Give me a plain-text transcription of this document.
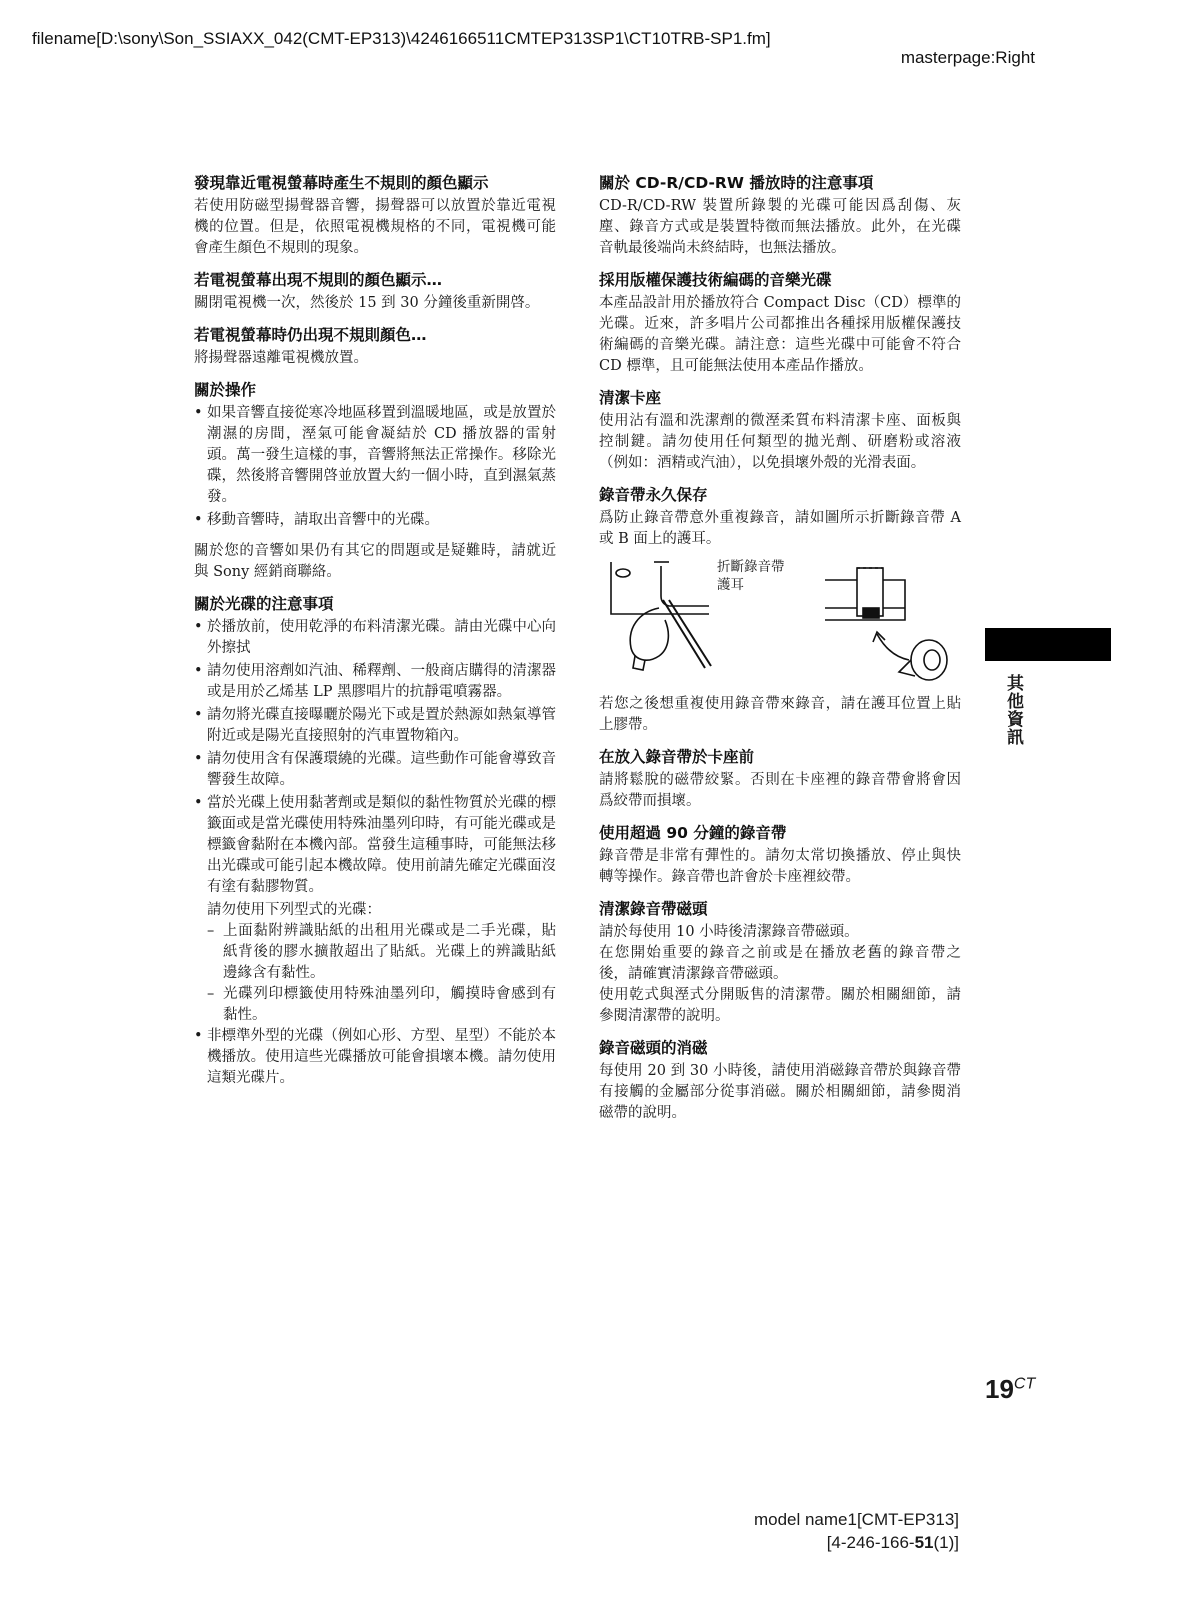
filename[D:\sony\Son_SSIAXX_042(CMT-EP313)\4246166511CMTEP313SP1\CT10TRB-SP1.fm]
masterpage:Right
發現靠近電視螢幕時產生不規則的顏色顯示

若使用防磁型揚聲器音響，揚聲器可以放置於靠近電視機的位置。但是，依照電視機規格的不同，電視機可能會產生顏色不規則的現象。

若電視螢幕出現不規則的顏色顯示…

關閉電視機一次，然後於 15 到 30 分鐘後重新開啓。

若電視螢幕時仍出現不規則顏色…

將揚聲器遠離電視機放置。

關於操作

• 如果音響直接從寒冷地區移置到溫暖地區，或是放置於潮濕的房間，溼氣可能會凝結於 CD 播放器的雷射頭。萬一發生這樣的事，音響將無法正常操作。移除光碟，然後將音響開啓並放置大約一個小時，直到濕氣蒸發。

• 移動音響時，請取出音響中的光碟。

關於您的音響如果仍有其它的問題或是疑難時，請就近與 Sony 經銷商聯絡。

關於光碟的注意事項

• 於播放前，使用乾淨的布料清潔光碟。請由光碟中心向外擦拭

• 請勿使用溶劑如汽油、稀釋劑、一般商店購得的清潔器或是用於乙烯基 LP 黑膠唱片的抗靜電噴霧器。

• 請勿將光碟直接曝曬於陽光下或是置於熱源如熱氣導管附近或是陽光直接照射的汽車置物箱內。

• 請勿使用含有保護環繞的光碟。這些動作可能會導致音響發生故障。

• 當於光碟上使用黏著劑或是類似的黏性物質於光碟的標籤面或是當光碟使用特殊油墨列印時，有可能光碟或是標籤會黏附在本機內部。當發生這種事時，可能無法移出光碟或可能引起本機故障。使用前請先確定光碟面沒有塗有黏膠物質。

請勿使用下列型式的光碟：

– 上面黏附辨識貼紙的出租用光碟或是二手光碟，貼紙背後的膠水擴散超出了貼紙。光碟上的辨識貼紙邊緣含有黏性。

– 光碟列印標籤使用特殊油墨列印，觸摸時會感到有黏性。

• 非標準外型的光碟（例如心形、方型、星型）不能於本機播放。使用這些光碟播放可能會損壞本機。請勿使用這類光碟片。

關於 CD-R/CD-RW 播放時的注意事項

CD-R/CD-RW 裝置所錄製的光碟可能因爲刮傷、灰塵、錄音方式或是裝置特徵而無法播放。此外，在光碟音軌最後端尚未終結時，也無法播放。

採用版權保護技術編碼的音樂光碟

本產品設計用於播放符合 Compact Disc（CD）標準的光碟。近來，許多唱片公司都推出各種採用版權保護技術編碼的音樂光碟。請注意：這些光碟中可能會不符合 CD 標準，且可能無法使用本產品作播放。

清潔卡座

使用沾有溫和洗潔劑的微溼柔質布料清潔卡座、面板與控制鍵。請勿使用任何類型的拋光劑、研磨粉或溶液（例如：酒精或汽油），以免損壞外殼的光滑表面。

錄音帶永久保存

爲防止錄音帶意外重複錄音，請如圖所示折斷錄音帶 A 或 B 面上的護耳。

折斷錄音帶
護耳

若您之後想重複使用錄音帶來錄音，請在護耳位置上貼上膠帶。

在放入錄音帶於卡座前

請將鬆脫的磁帶絞緊。否則在卡座裡的錄音帶會將會因爲絞帶而損壞。

使用超過 90 分鐘的錄音帶

錄音帶是非常有彈性的。請勿太常切換播放、停止與快轉等操作。錄音帶也許會於卡座裡絞帶。

清潔錄音帶磁頭

請於每使用 10 小時後清潔錄音帶磁頭。

在您開始重要的錄音之前或是在播放老舊的錄音帶之後，請確實清潔錄音帶磁頭。

使用乾式與溼式分開販售的清潔帶。關於相關細節，請參閱清潔帶的說明。

錄音磁頭的消磁

每使用 20 到 30 小時後，請使用消磁錄音帶於與錄音帶有接觸的金屬部分從事消磁。關於相關細節，請參閱消磁帶的說明。

其他資訊
$19^{CT}$
model name1[CMT-EP313]
[4-246-166-51(1)]
